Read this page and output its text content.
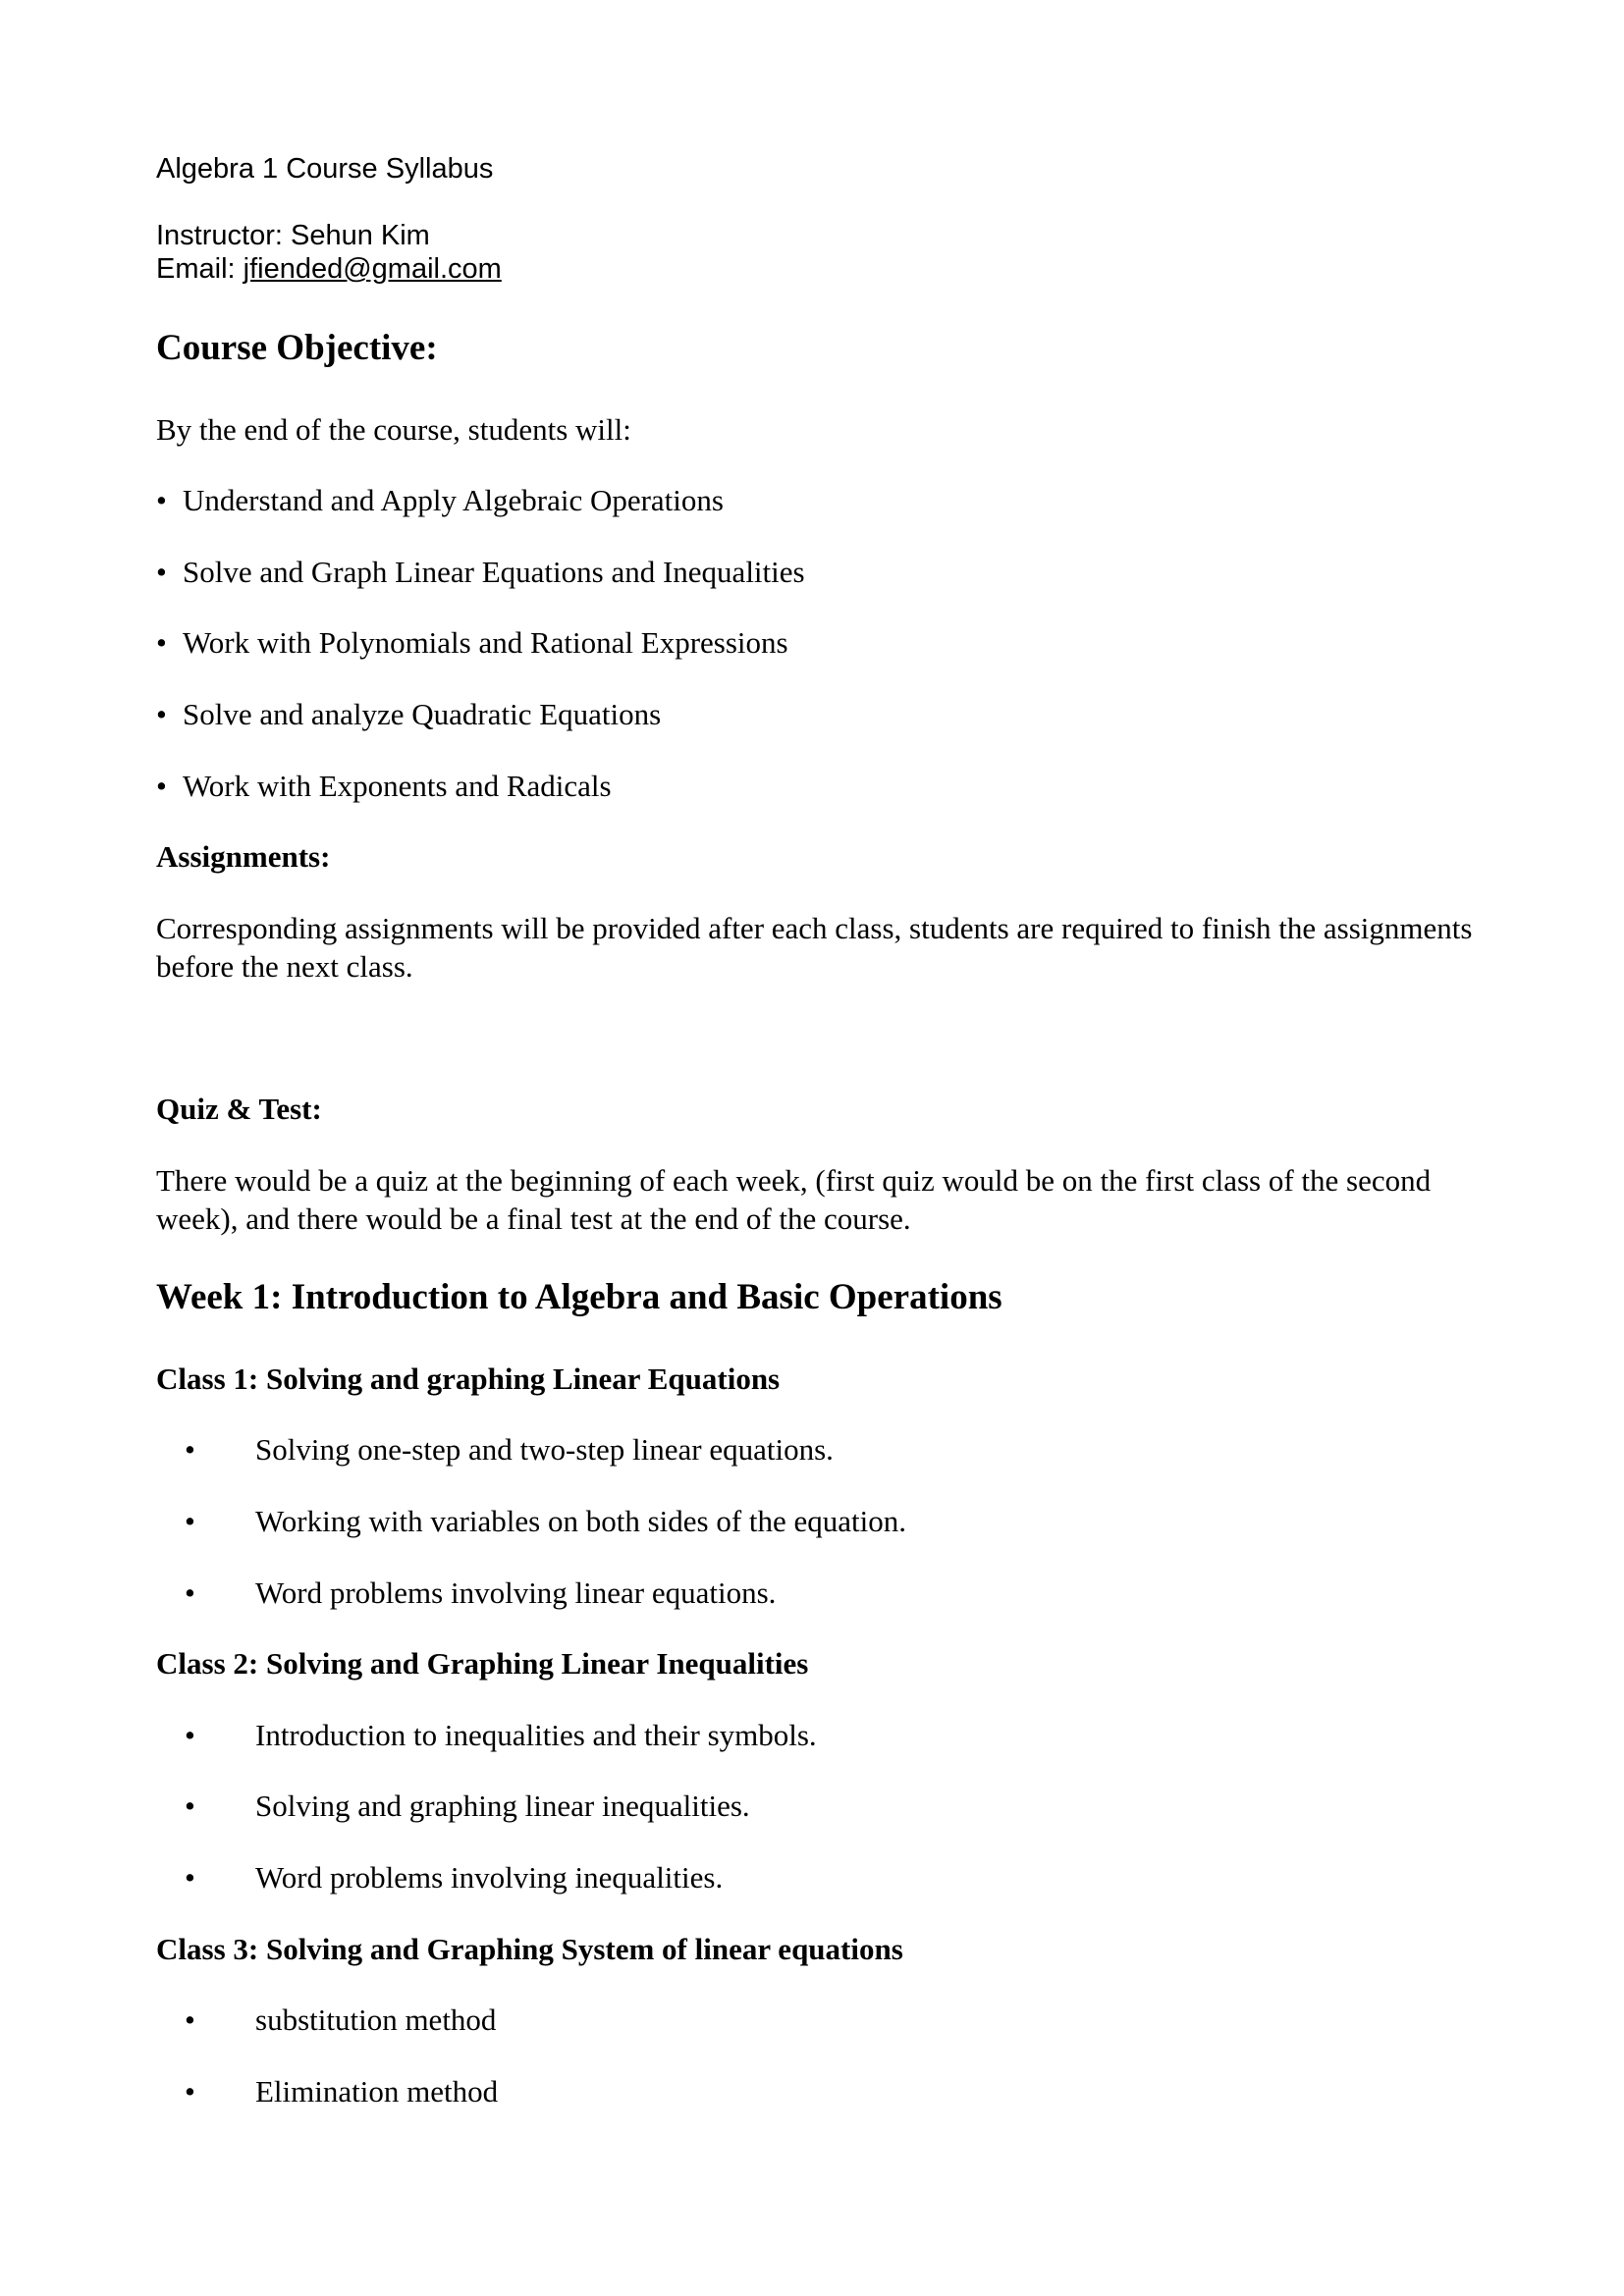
Algebra 1 Course Syllabus
Instructor: Sehun Kim
Email: jfiended@gmail.com
Course Objective:
By the end of the course, students will:
• Understand and Apply Algebraic Operations
• Solve and Graph Linear Equations and Inequalities
• Work with Polynomials and Rational Expressions
• Solve and analyze Quadratic Equations
• Work with Exponents and Radicals
Assignments:
Corresponding assignments will be provided after each class, students are required to finish the assignments before the next class.
Quiz & Test:
There would be a quiz at the beginning of each week, (first quiz would be on the first class of the second week), and there would be a final test at the end of the course.
Week 1: Introduction to Algebra and Basic Operations
Class 1: Solving and graphing Linear Equations
• Solving one-step and two-step linear equations.
• Working with variables on both sides of the equation.
• Word problems involving linear equations.
Class 2: Solving and Graphing Linear Inequalities
• Introduction to inequalities and their symbols.
• Solving and graphing linear inequalities.
• Word problems involving inequalities.
Class 3: Solving and Graphing System of linear equations
• substitution method
• Elimination method
